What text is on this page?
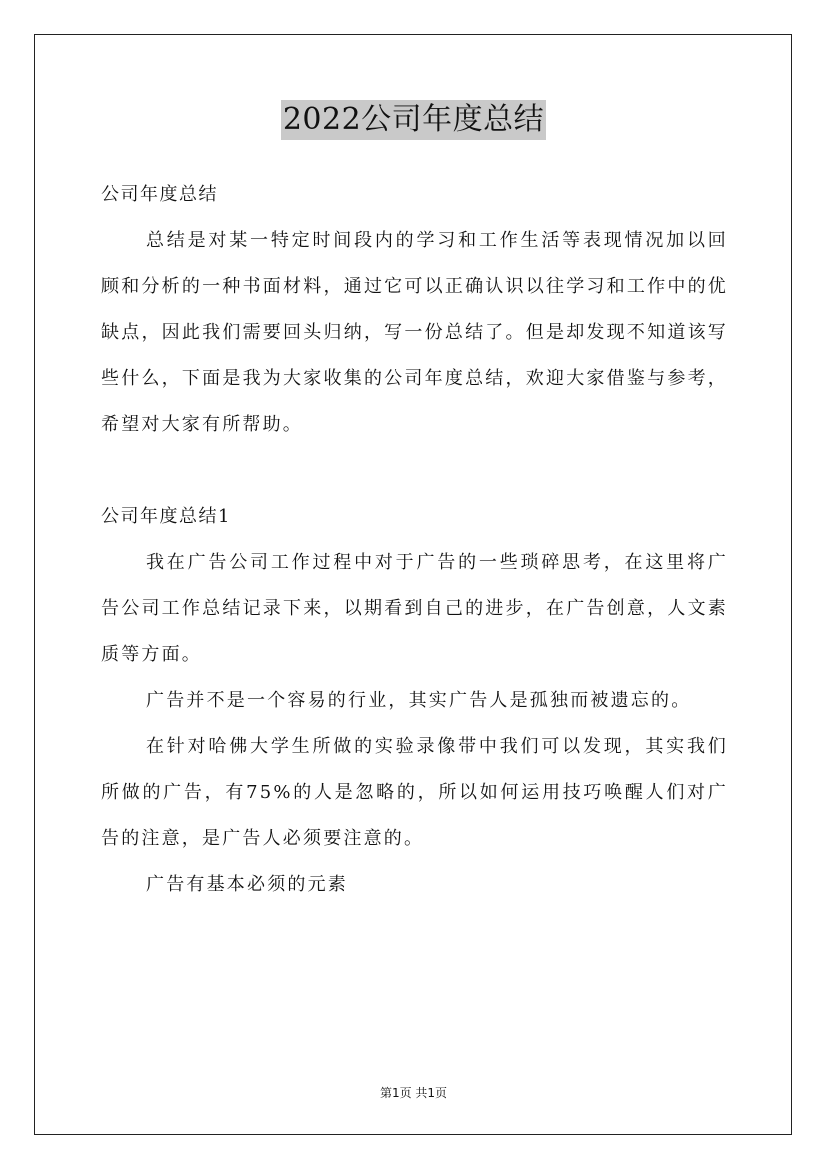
2022公司年度总结

公司年度总结

总结是对某一特定时间段内的学习和工作生活等表现情况加以回顾和分析的一种书面材料，通过它可以正确认识以往学习和工作中的优缺点，因此我们需要回头归纳，写一份总结了。但是却发现不知道该写些什么，下面是我为大家收集的公司年度总结，欢迎大家借鉴与参考，希望对大家有所帮助。

公司年度总结1

我在广告公司工作过程中对于广告的一些琐碎思考，在这里将广告公司工作总结记录下来，以期看到自己的进步，在广告创意，人文素质等方面。

广告并不是一个容易的行业，其实广告人是孤独而被遗忘的。

在针对哈佛大学生所做的实验录像带中我们可以发现，其实我们所做的广告，有75%的人是忽略的，所以如何运用技巧唤醒人们对广告的注意，是广告人必须要注意的。

广告有基本必须的元素

第1页 共1页
